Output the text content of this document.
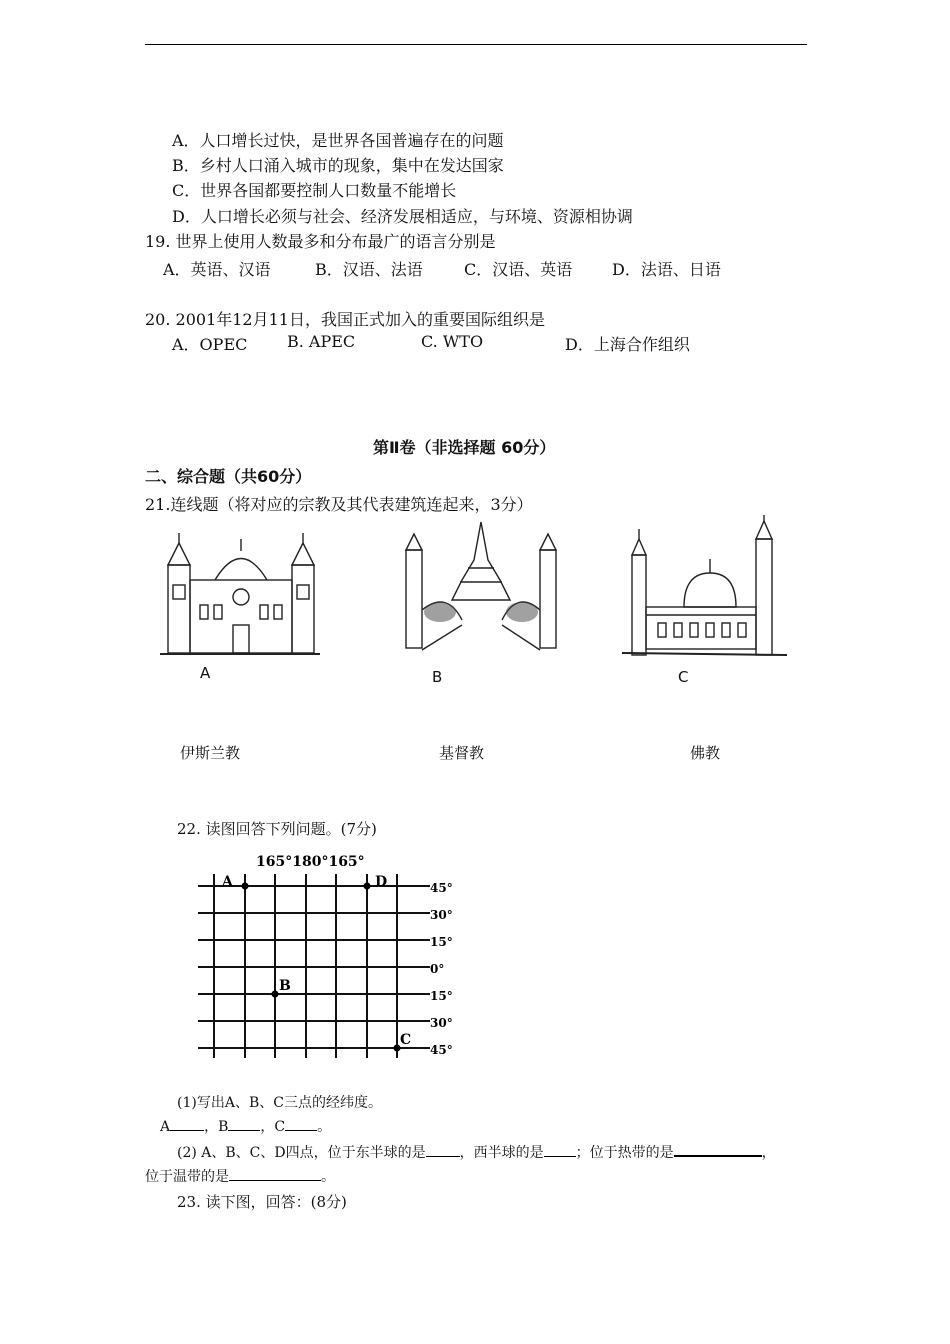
A．人口增长过快，是世界各国普遍存在的问题
B．乡村人口涌入城市的现象，集中在发达国家
C．世界各国都要控制人口数量不能增长
D．人口增长必须与社会、经济发展相适应，与环境、资源相协调
19. 世界上使用人数最多和分布最广的语言分别是
A．英语、汉语	B．汉语、法语	C．汉语、英语 D．法语、日语
20. 2001年12月11日，我国正式加入的重要国际组织是
A．OPEC B. APEC	C. WTO	D．上海合作组织
第Ⅱ卷（非选择题 60分）
二、综合题（共60分）
21.连线题（将对应的宗教及其代表建筑连起来，3分）
A	B	C
伊斯兰教	基督教	佛教
22. 读图回答下列问题。(7分)
165°180°165°
A
B
C
D	45°
30°
15°
0°
15°
30°
45°
(1)写出A、B、C三点的经纬度。
A ，B ，C 。
(2) A、B、C、D四点，位于东半球的是 ，西半球的是 ；位于热带的是	，
位于温带的是	。
23. 读下图，回答：(8分)
